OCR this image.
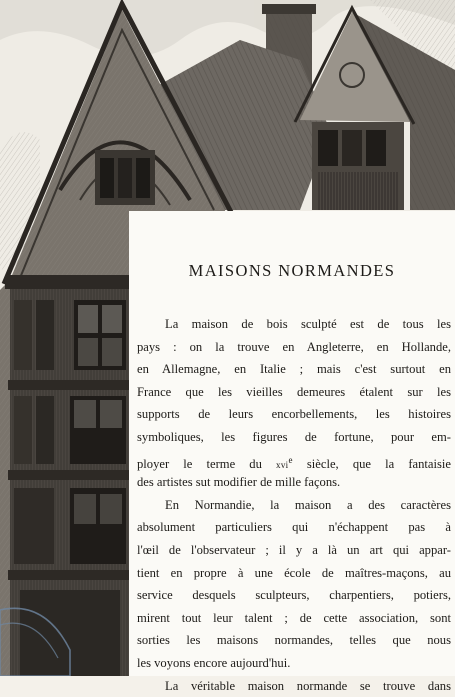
MAISONS NORMANDES
La maison de bois sculpté est de tous les
pays : on la trouve en Angleterre, en Hollande,
en Allemagne, en Italie ; mais c'est surtout en
France que les vieilles demeures étalent sur les
supports de leurs encorbellements, les histoires
symboliques, les figures de fortune, pour em-
ployer le terme du xvi$^e$ siècle, que la fantaisie
des artistes sut modifier de mille façons.
En Normandie, la maison a des caractères
absolument particuliers qui n'échappent pas à
l'œil de l'observateur ; il y a là un art qui appar-
tient en propre à une école de maîtres-maçons, au
service desquels sculpteurs, charpentiers, potiers,
mirent tout leur talent ; de cette association, sont
sorties les maisons normandes, telles que nous
les voyons encore aujourd'hui.
La véritable maison normande se trouve dans
